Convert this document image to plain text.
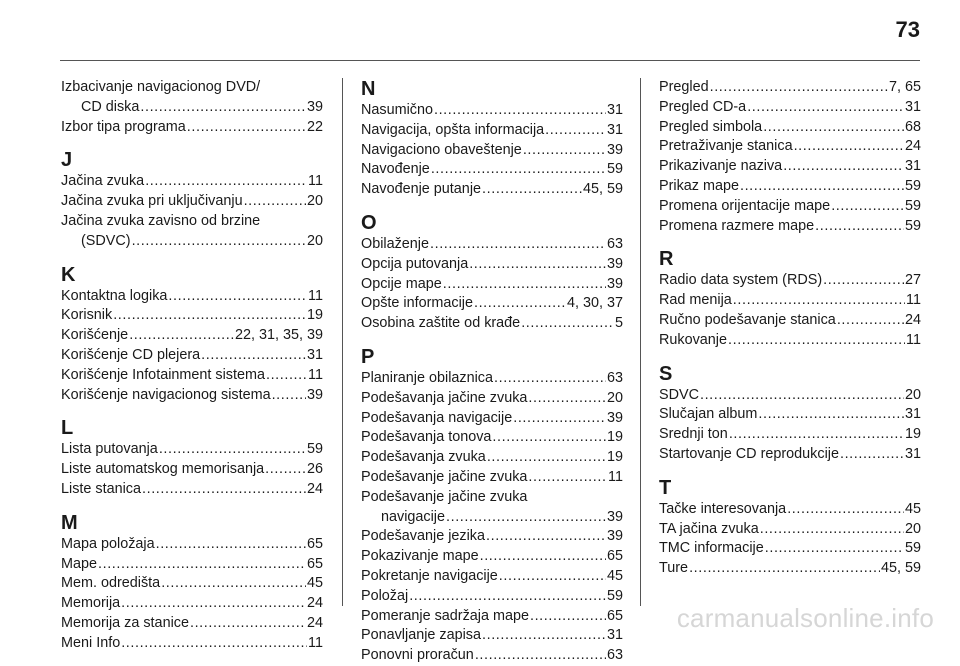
73
Izbacivanje navigacionog DVD/
CD diska .....	39
Izbor tipa programa .....	22
J
Jačina zvuka .....	11
Jačina zvuka pri uključivanju .....	20
Jačina zvuka zavisno od brzine
(SDVC) .....	20
K
Kontaktna logika .....	11
Korisnik .....	19
Korišćenje .....	22, 31, 35, 39
Korišćenje CD plejera .....	31
Korišćenje Infotainment sistema .....	11
Korišćenje navigacionog sistema .....	39
L
Lista putovanja .....	59
Liste automatskog memorisanja .....	26
Liste stanica .....	24
M
Mapa položaja .....	65
Mape .....	65
Mem. odredišta .....	45
Memorija .....	24
Memorija za stanice .....	24
Meni Info .....	11
N
Nasumično .....	31
Navigacija, opšta informacija .....	31
Navigaciono obaveštenje .....	39
Navođenje .....	59
Navođenje putanje .....	45, 59
O
Obilaženje .....	63
Opcija putovanja .....	39
Opcije mape .....	39
Opšte informacije .....	4, 30, 37
Osobina zaštite od krađe .....	5
P
Planiranje obilaznica .....	63
Podešavanja jačine zvuka .....	20
Podešavanja navigacije .....	39
Podešavanja tonova .....	19
Podešavanja zvuka .....	19
Podešavanje jačine zvuka .....	11
Podešavanje jačine zvuka
navigacije .....	39
Podešavanje jezika .....	39
Pokazivanje mape .....	65
Pokretanje navigacije .....	45
Položaj .....	59
Pomeranje sadržaja mape .....	65
Ponavljanje zapisa .....	31
Ponovni proračun .....	63
Pregled .....	7, 65
Pregled CD-a .....	31
Pregled simbola .....	68
Pretraživanje stanica .....	24
Prikazivanje naziva .....	31
Prikaz mape .....	59
Promena orijentacije mape .....	59
Promena razmere mape .....	59
R
Radio data system (RDS) .....	27
Rad menija .....	11
Ručno podešavanje stanica .....	24
Rukovanje .....	11
S
SDVC .....	20
Slučajan album .....	31
Srednji ton .....	19
Startovanje CD reprodukcije .....	31
T
Tačke interesovanja .....	45
TA jačina zvuka .....	20
TMC informacije .....	59
Ture .....	45, 59
carmanualsonline.info
